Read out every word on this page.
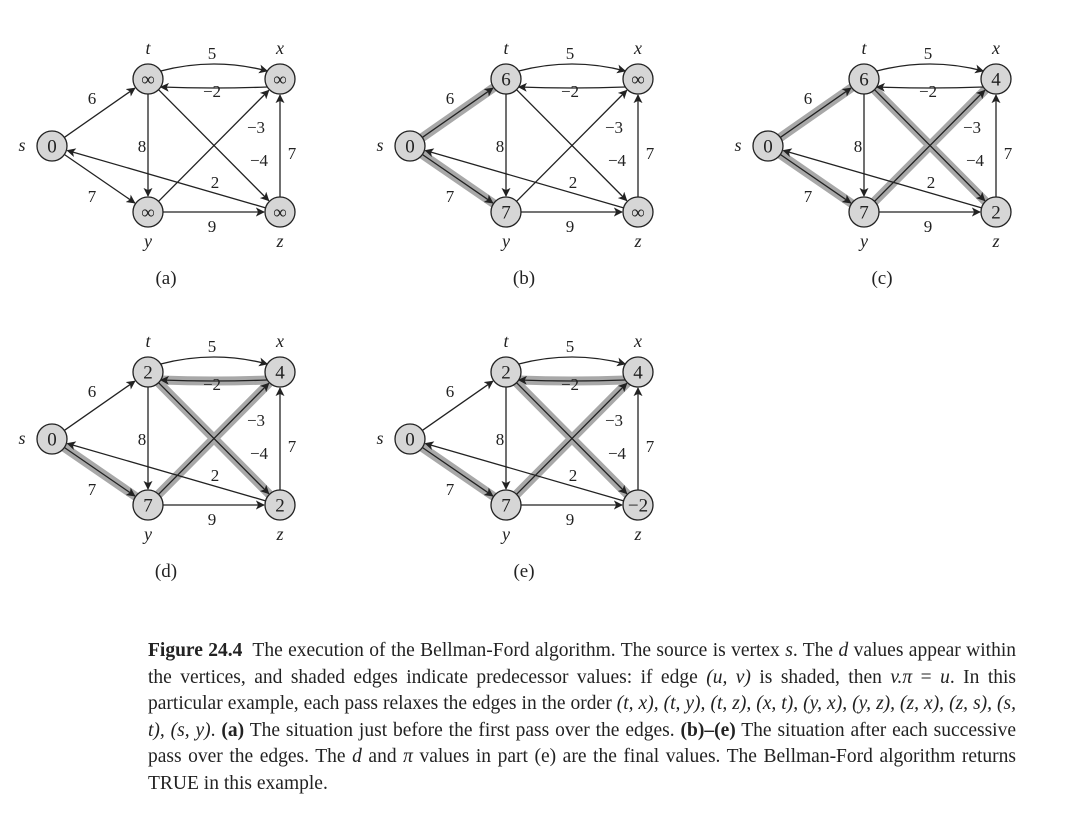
5
8
−4
−2
−3
9
7
2
6
7
0
s
∞
t
∞
x
∞
y
∞
z
(a)
5
8
−4
−2
−3
9
7
2
6
7
0
s
6
t
∞
x
7
y
∞
z
(b)
5
8
−4
−2
−3
9
7
2
6
7
0
s
6
t
4
x
7
y
2
z
(c)
5
8
−4
−2
−3
9
7
2
6
7
0
s
2
t
4
x
7
y
2
z
(d)
5
8
−4
−2
−3
9
7
2
6
7
0
s
2
t
4
x
7
y
−2
z
(e)
Figure 24.4 The execution of the Bellman-Ford algorithm. The source is vertex s. The d values appear within the vertices, and shaded edges indicate predecessor values: if edge (u, v) is shaded, then v.π = u. In this particular example, each pass relaxes the edges in the order (t, x), (t, y), (t, z), (x, t), (y, x), (y, z), (z, x), (z, s), (s, t), (s, y). (a) The situation just before the first pass over the edges. (b)–(e) The situation after each successive pass over the edges. The d and π values in part (e) are the final values. The Bellman-Ford algorithm returns TRUE in this example.
